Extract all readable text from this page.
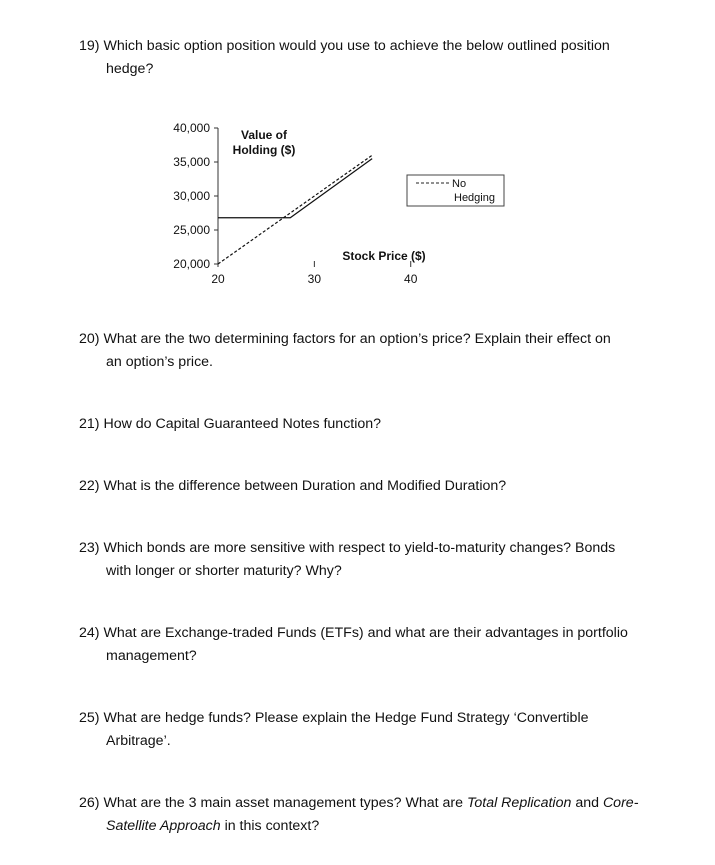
19) Which basic option position would you use to achieve the below outlined position
hedge?
40,000
35,000
30,000
25,000
20,000
20	30	40
Value of
Holding ($)
Stock Price ($)
No
Hedging
20) What are the two determining factors for an option’s price? Explain their effect on
an option’s price.
21) How do Capital Guaranteed Notes function?
22) What is the difference between Duration and Modified Duration?
23) Which bonds are more sensitive with respect to yield-to-maturity changes? Bonds
with longer or shorter maturity? Why?
24) What are Exchange-traded Funds (ETFs) and what are their advantages in portfolio
management?
25) What are hedge funds? Please explain the Hedge Fund Strategy ‘Convertible
Arbitrage’.
26) What are the 3 main asset management types? What are Total Replication and Core-
Satellite Approach in this context?
